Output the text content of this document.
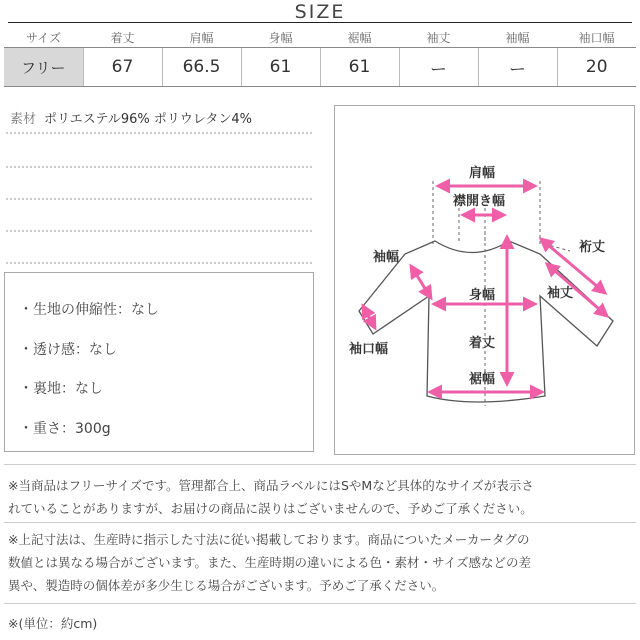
SIZE
サイズ	着丈	肩幅	身幅	裾幅	袖丈	袖幅	袖口幅
フリー	67	66.5	61	61	ー	ー	20
素材 ポリエステル96% ポリウレタン4%
・生地の伸縮性：なし
・透け感：なし
・裏地：なし
・重さ：300g
肩幅
襟開き幅
袖幅
裄丈
袖丈
身幅
袖口幅	着丈
裾幅
※当商品はフリーサイズです。管理都合上、商品ラベルにはSやMなど具体的なサイズが表示さ
れていることがありますが、お届けの商品に誤りはございませんので、予めご了承ください。
※上記寸法は、生産時に指示した寸法に従い掲載しております。商品についたメーカータグの
数値とは異なる場合がございます。また、生産時期の違いによる色・素材・サイズ感などの差
異や、製造時の個体差が多少生じる場合がございます。予めご了承ください。
※(単位：約cm)
